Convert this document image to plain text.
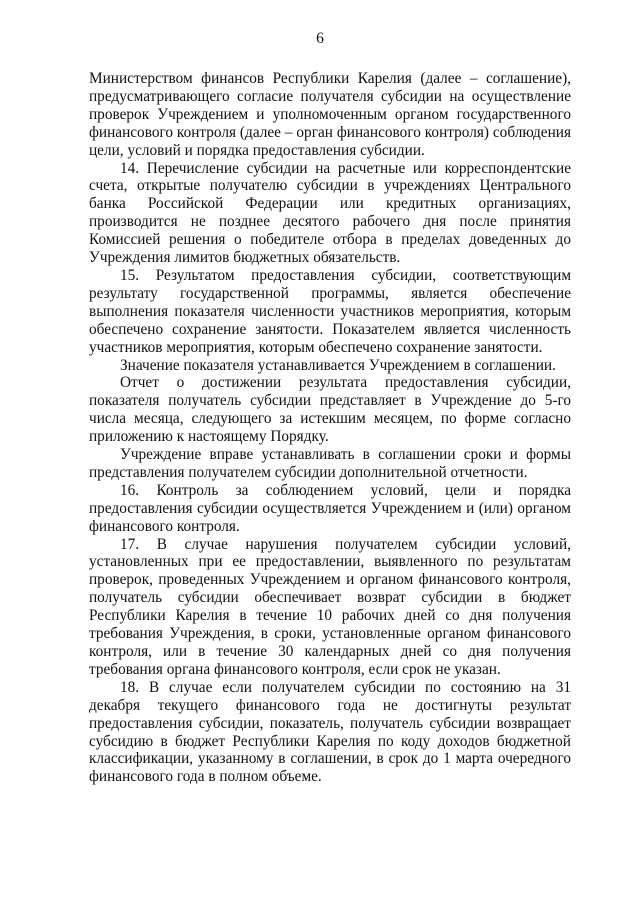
6

Министерством финансов Республики Карелия (далее – соглашение), предусматривающего согласие получателя субсидии на осуществление проверок Учреждением и уполномоченным органом государственного финансового контроля (далее – орган финансового контроля) соблюдения цели, условий и порядка предоставления субсидии.

14. Перечисление субсидии на расчетные или корреспондентские счета, открытые получателю субсидии в учреждениях Центрального банка Российской Федерации или кредитных организациях, производится не позднее десятого рабочего дня после принятия Комиссией решения о победителе отбора в пределах доведенных до Учреждения лимитов бюджетных обязательств.

15. Результатом предоставления субсидии, соответствующим результату государственной программы, является обеспечение выполнения показателя численности участников мероприятия, которым обеспечено сохранение занятости. Показателем является численность участников мероприятия, которым обеспечено сохранение занятости.

Значение показателя устанавливается Учреждением в соглашении.

Отчет о достижении результата предоставления субсидии, показателя получатель субсидии представляет в Учреждение до 5-го числа месяца, следующего за истекшим месяцем, по форме согласно приложению к настоящему Порядку.

Учреждение вправе устанавливать в соглашении сроки и формы представления получателем субсидии дополнительной отчетности.

16. Контроль за соблюдением условий, цели и порядка предоставления субсидии осуществляется Учреждением и (или) органом финансового контроля.

17. В случае нарушения получателем субсидии условий, установленных при ее предоставлении, выявленного по результатам проверок, проведенных Учреждением и органом финансового контроля, получатель субсидии обеспечивает возврат субсидии в бюджет Республики Карелия в течение 10 рабочих дней со дня получения требования Учреждения, в сроки, установленные органом финансового контроля, или в течение 30 календарных дней со дня получения требования органа финансового контроля, если срок не указан.

18. В случае если получателем субсидии по состоянию на 31 декабря текущего финансового года не достигнуты результат предоставления субсидии, показатель, получатель субсидии возвращает субсидию в бюджет Республики Карелия по коду доходов бюджетной классификации, указанному в соглашении, в срок до 1 марта очередного финансового года в полном объеме.
